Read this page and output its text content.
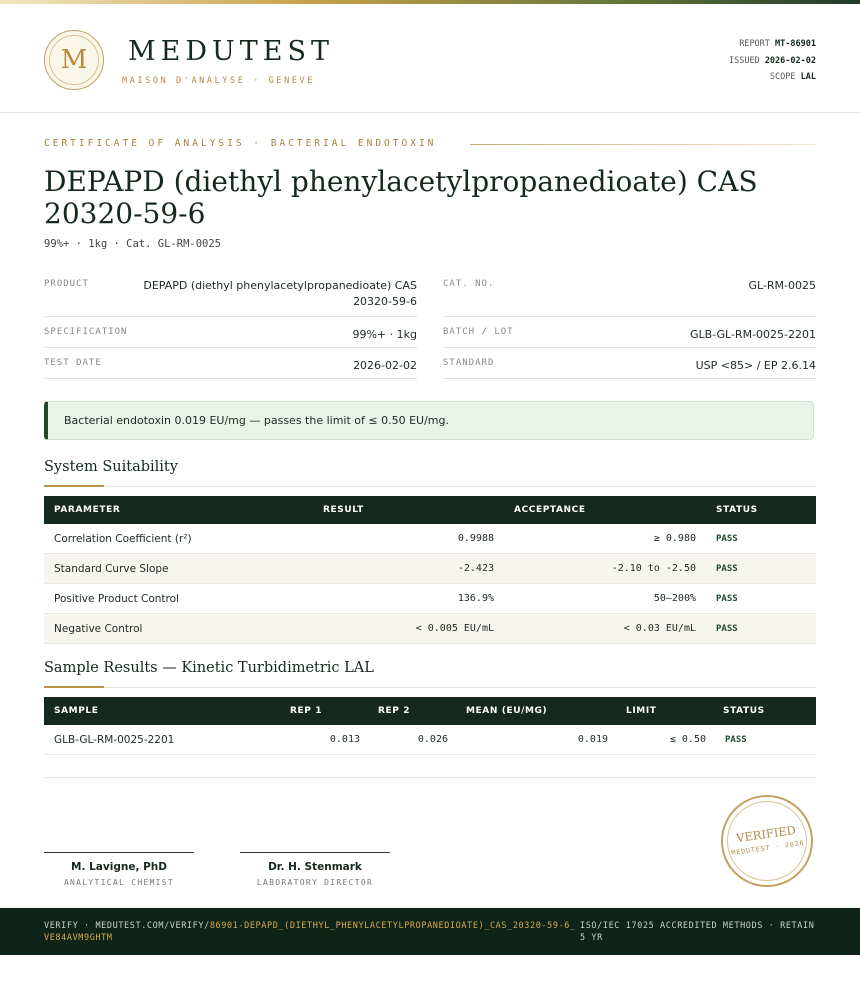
M	MEDUTEST
MAISON D'ANALYSE · GENÈVE
REPORT MT-86901
ISSUED 2026-02-02
SCOPE LAL
CERTIFICATE OF ANALYSIS · BACTERIAL ENDOTOXIN
DEPAPD (diethyl phenylacetylpropanedioate) CAS 20320-59-6
99%+ · 1kg · Cat. GL-RM-0025
PRODUCT	DEPAPD (diethyl phenylacetylpropanedioate) CAS 20320-59-6
CAT. NO.	GL-RM-0025
SPECIFICATION	99%+ · 1kg	BATCH / LOT	GLB-GL-RM-0025-2201
TEST DATE	2026-02-02	STANDARD	USP <85> / EP 2.6.14
Bacterial endotoxin 0.019 EU/mg — passes the limit of ≤ 0.50 EU/mg.
System Suitability
PARAMETER	RESULT	ACCEPTANCE	STATUS
Correlation Coefficient (r²)	0.9988	≥ 0.980	PASS
Standard Curve Slope	-2.423	-2.10 to -2.50	PASS
Positive Product Control	136.9%	50–200%	PASS
Negative Control	< 0.005 EU/mL	< 0.03 EU/mL	PASS
Sample Results — Kinetic Turbidimetric LAL
SAMPLE	REP 1	REP 2	MEAN (EU/MG)	LIMIT	STATUS
GLB-GL-RM-0025-2201	0.013	0.026	0.019	≤ 0.50	PASS
M. Lavigne, PhD
ANALYTICAL CHEMIST
Dr. H. Stenmark
LABORATORY DIRECTOR
VERIFIED
MEDUTEST · 2026
VERIFY · MEDUTEST.COM/VERIFY/86901-DEPAPD_(DIETHYL_PHENYLACETYLPROPANEDIOATE)_CAS_20320-59-6_VE84AVM9GHTM
ISO/IEC 17025 ACCREDITED METHODS · RETAIN 5 YR
